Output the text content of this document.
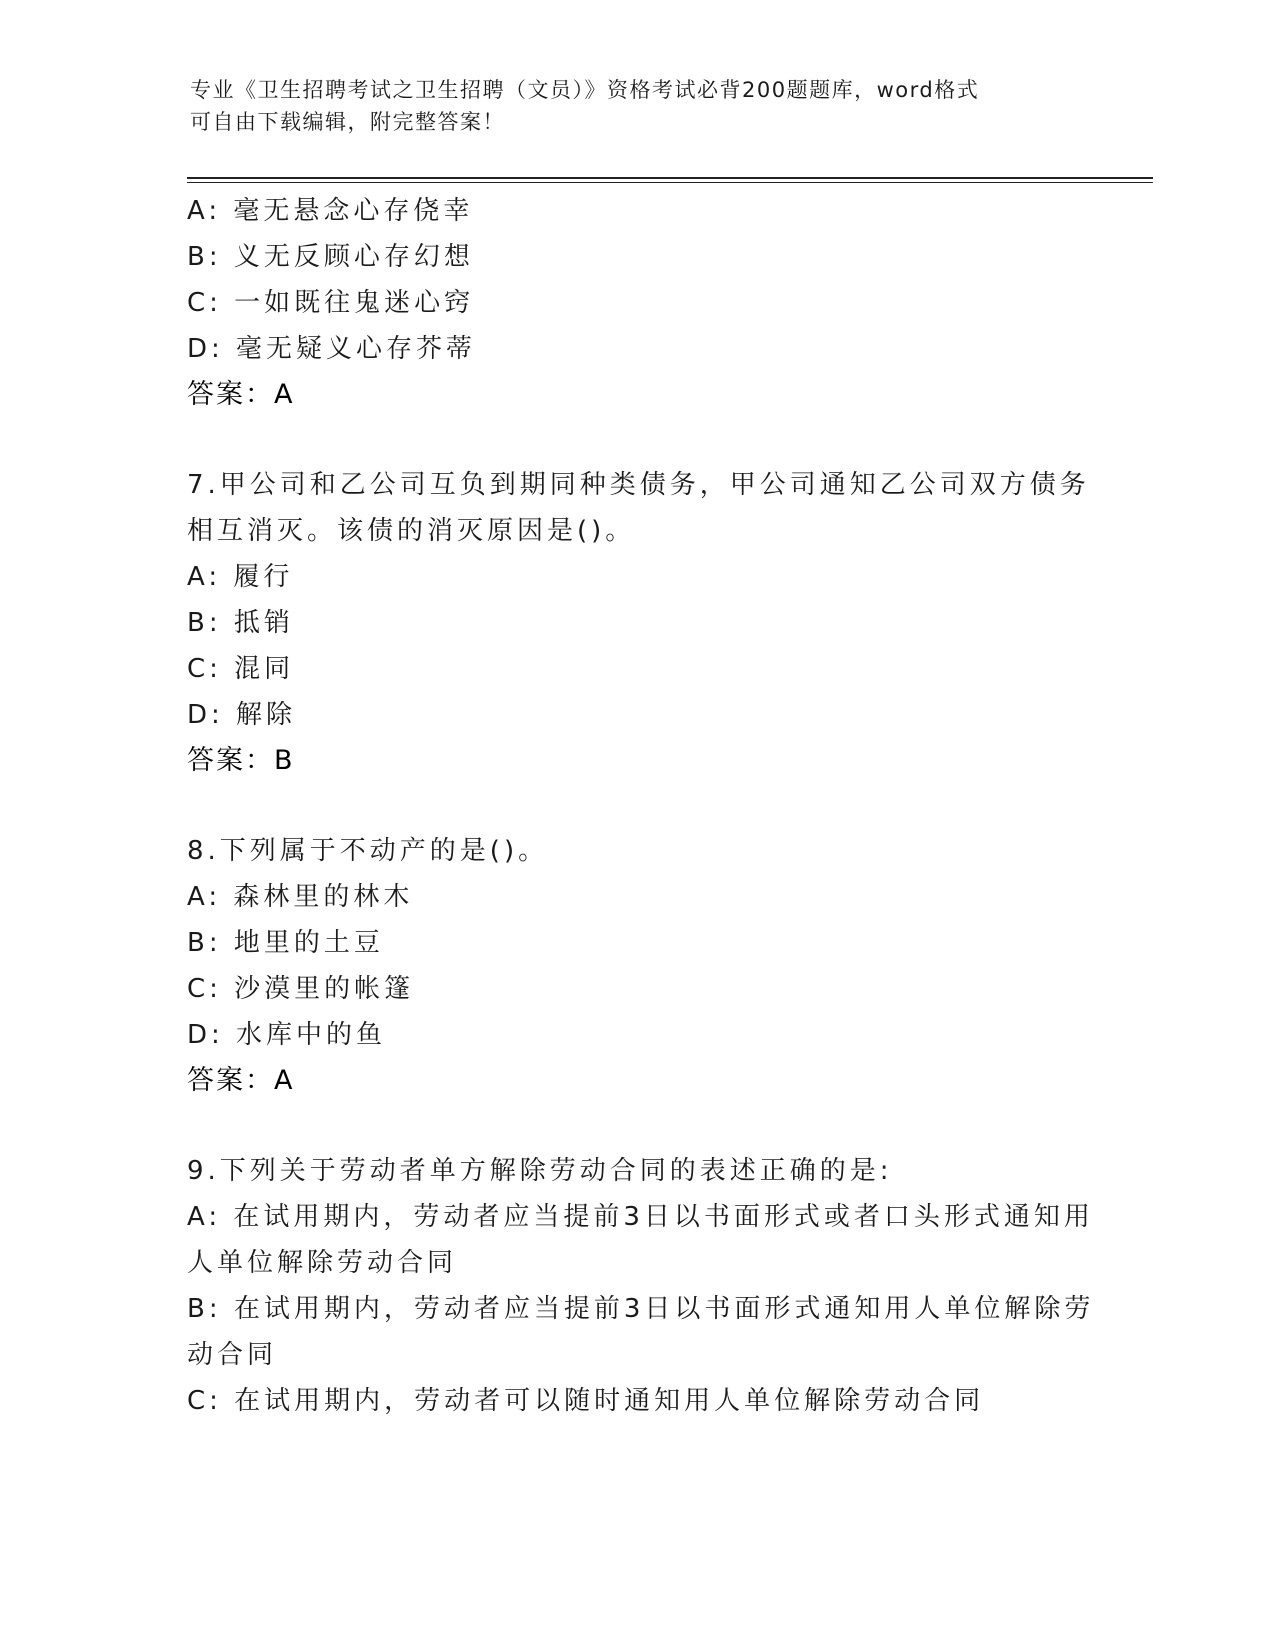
专业《卫生招聘考试之卫生招聘（文员）》资格考试必背200题题库，word格式
可自由下载编辑，附完整答案！
A: 毫无悬念心存侥幸
B: 义无反顾心存幻想
C: 一如既往鬼迷心窍
D: 毫无疑义心存芥蒂
答案：A
7.甲公司和乙公司互负到期同种类债务，甲公司通知乙公司双方债务
相互消灭。该债的消灭原因是()。
A: 履行
B: 抵销
C: 混同
D: 解除
答案：B
8.下列属于不动产的是()。
A: 森林里的林木
B: 地里的土豆
C: 沙漠里的帐篷
D: 水库中的鱼
答案：A
9.下列关于劳动者单方解除劳动合同的表述正确的是:
A: 在试用期内，劳动者应当提前3日以书面形式或者口头形式通知用
人单位解除劳动合同
B: 在试用期内，劳动者应当提前3日以书面形式通知用人单位解除劳
动合同
C: 在试用期内，劳动者可以随时通知用人单位解除劳动合同
